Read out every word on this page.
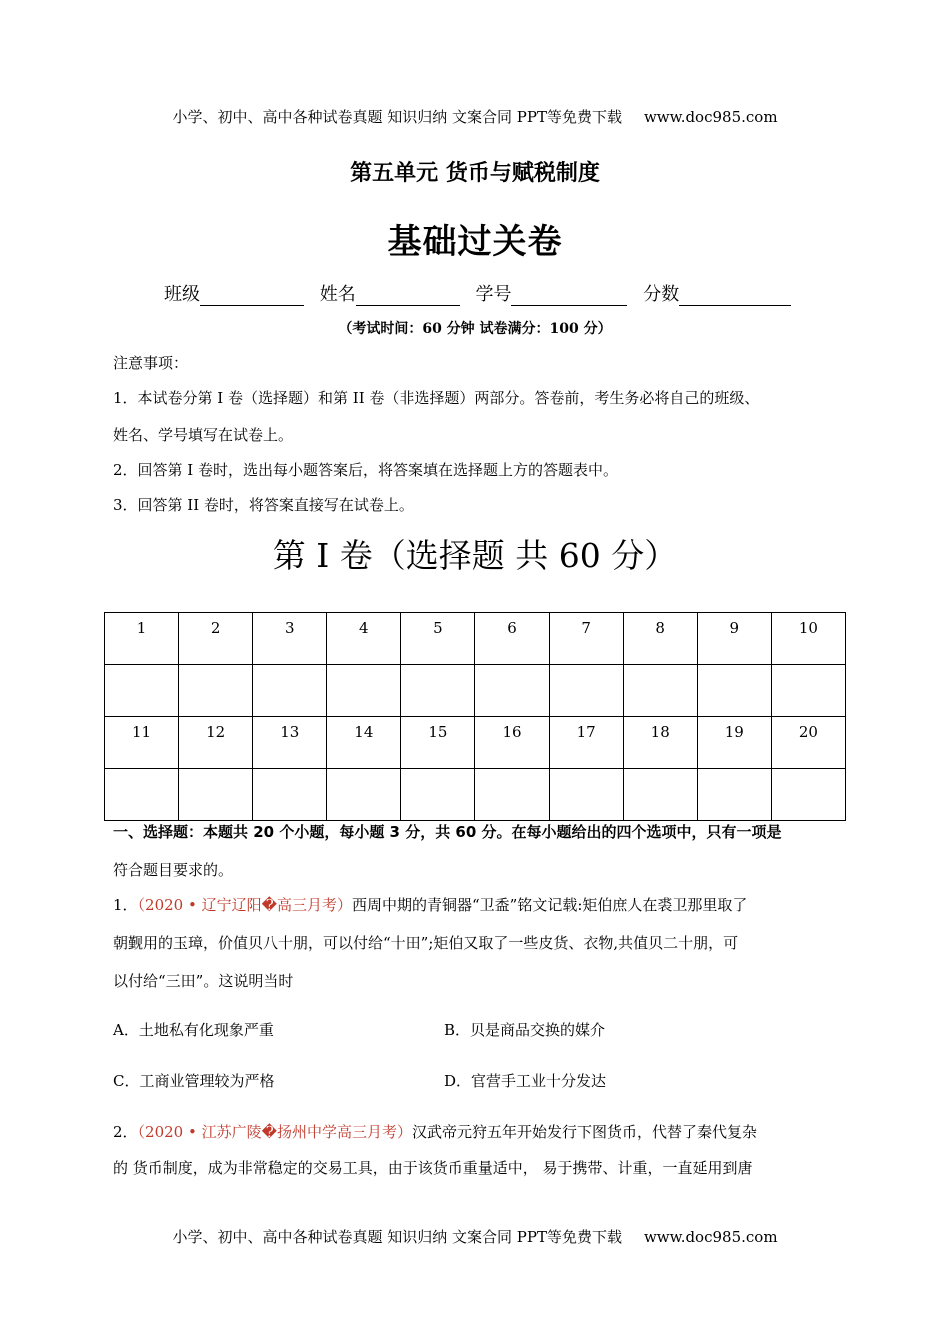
小学、初中、高中各种试卷真题 知识归纳 文案合同 PPT等免费下载 www.doc985.com
第五单元 货币与赋税制度
基础过关卷
班级	姓名	学号	分数
（考试时间：60 分钟 试卷满分：100 分）
注意事项：
1．本试卷分第 I 卷（选择题）和第 II 卷（非选择题）两部分。答卷前，考生务必将自己的班级、
姓名、学号填写在试卷上。
2．回答第 I 卷时，选出每小题答案后，将答案填在选择题上方的答题表中。
3．回答第 II 卷时，将答案直接写在试卷上。
第 I 卷（选择题 共 60 分）
1	2	3	4	5	6	7	8	9	10

11	12	13	14	15	16	17	18	19	20

一、选择题：本题共 20 个小题，每小题 3 分，共 60 分。在每小题给出的四个选项中，只有一项是
符合题目要求的。
1．（2020 • 辽宁辽阳�高三月考）西周中期的青铜器“卫盉”铭文记载:矩伯庶人在裘卫那里取了
朝觐用的玉璋，价值贝八十朋，可以付给“十田”;矩伯又取了一些皮货、衣物,共值贝二十朋，可
以付给“三田”。这说明当时
A．土地私有化现象严重	B．贝是商品交换的媒介
C．工商业管理较为严格	D．官营手工业十分发达
2．（2020 • 江苏广陵�扬州中学高三月考）汉武帝元狩五年开始发行下图货币，代替了秦代复杂
的 货币制度，成为非常稳定的交易工具，由于该货币重量适中， 易于携带、计重，一直延用到唐
小学、初中、高中各种试卷真题 知识归纳 文案合同 PPT等免费下载 www.doc985.com
